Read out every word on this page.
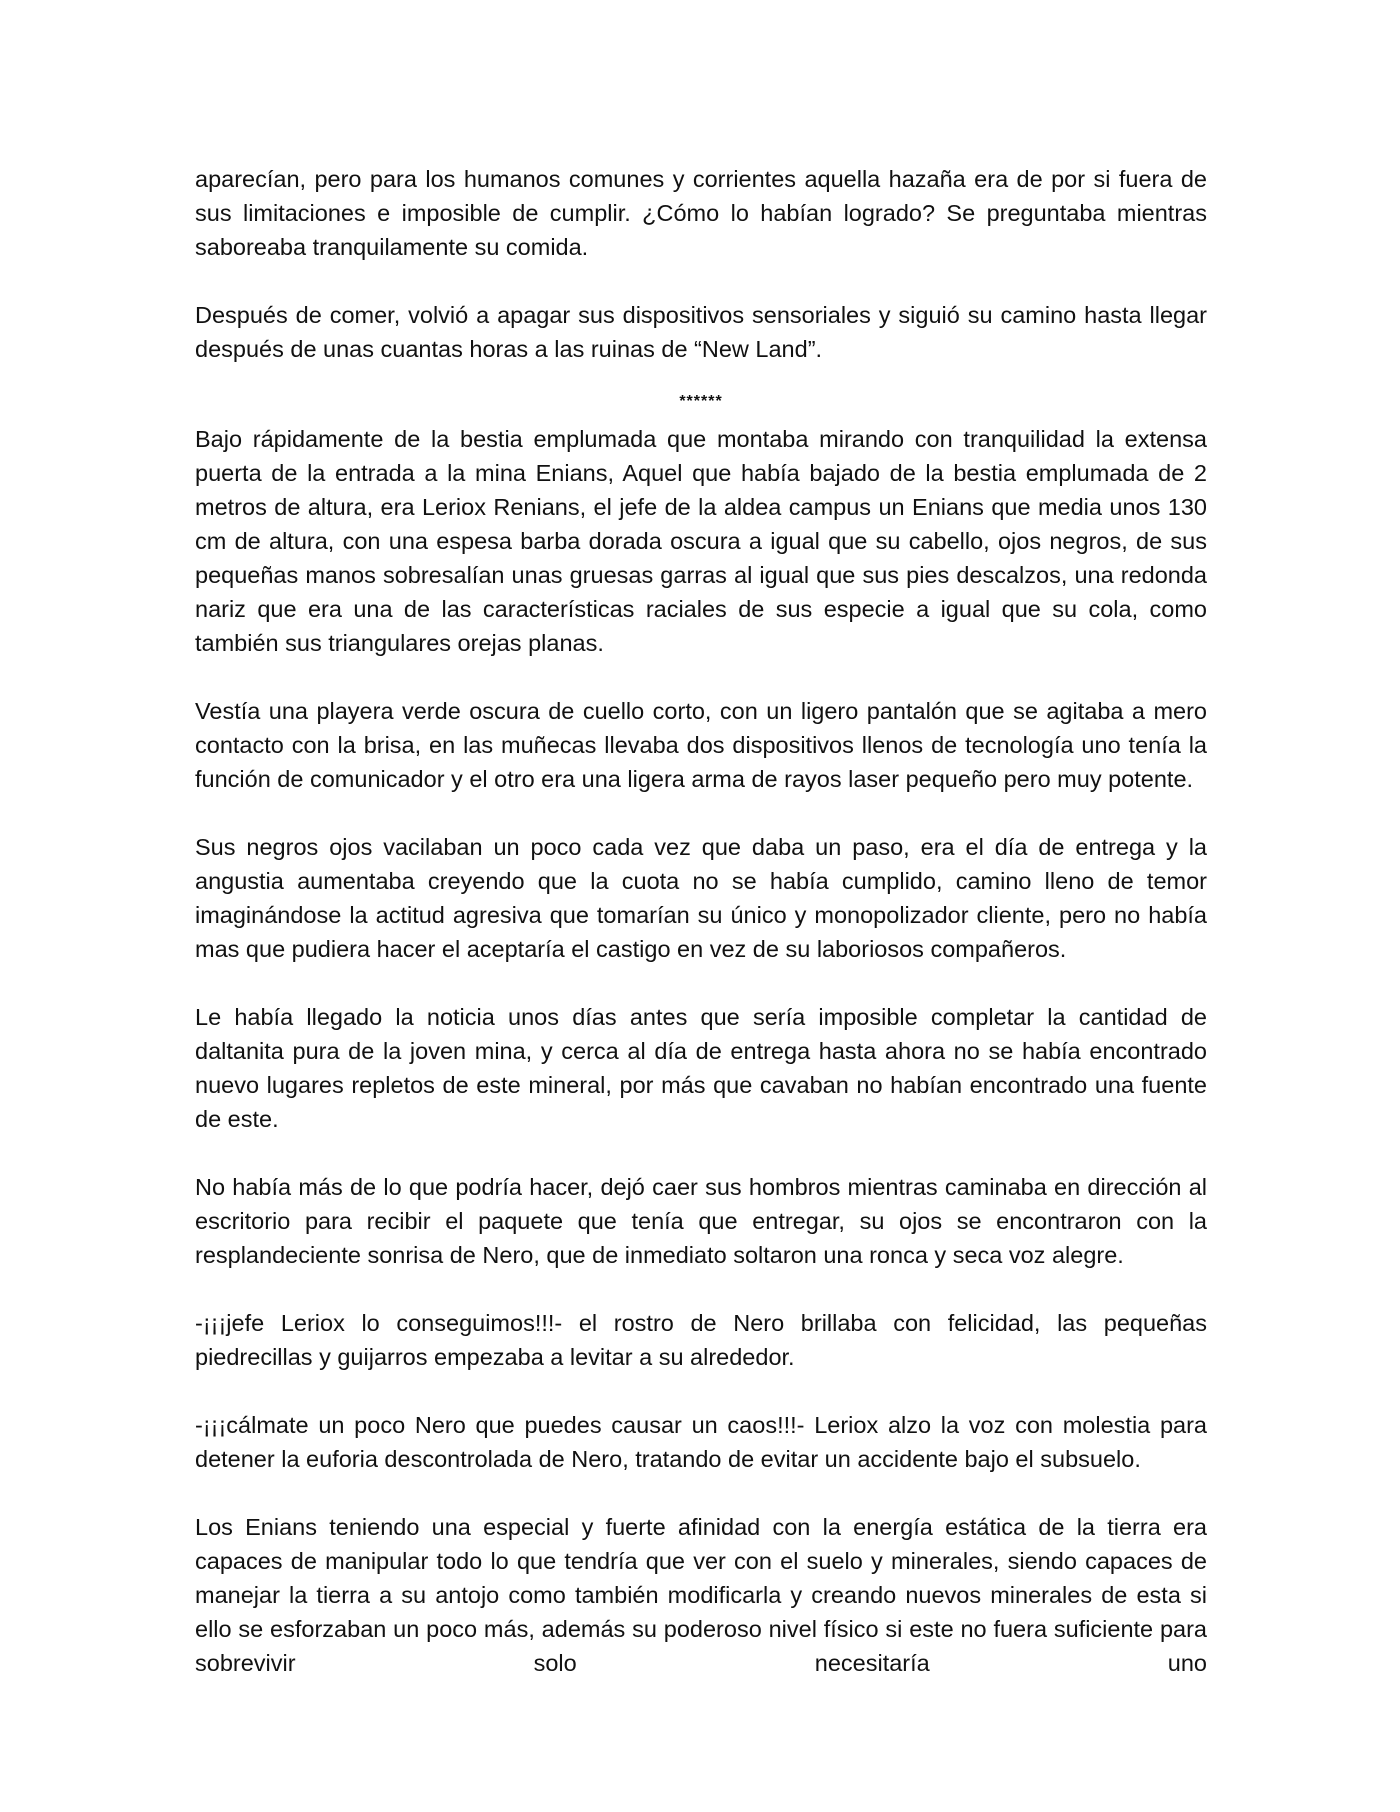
aparecían, pero para los humanos comunes y corrientes aquella hazaña era de por si fuera de sus limitaciones e imposible de cumplir. ¿Cómo lo habían logrado? Se preguntaba mientras saboreaba tranquilamente su comida.

Después de comer, volvió a apagar sus dispositivos sensoriales y siguió su camino hasta llegar después de unas cuantas horas a las ruinas de “New Land”.

******

Bajo rápidamente de la bestia emplumada que montaba mirando con tranquilidad la extensa puerta de la entrada a la mina Enians, Aquel que había bajado de la bestia emplumada de 2 metros de altura, era Leriox Renians, el jefe de la aldea campus un Enians que media unos 130 cm de altura, con una espesa barba dorada oscura a igual que su cabello, ojos negros, de sus pequeñas manos sobresalían unas gruesas garras al igual que sus pies descalzos, una redonda nariz que era una de las características raciales de sus especie a igual que su cola, como también sus triangulares orejas planas.

Vestía una playera verde oscura de cuello corto, con un ligero pantalón que se agitaba a mero contacto con la brisa, en las muñecas llevaba dos dispositivos llenos de tecnología uno tenía la función de comunicador y el otro era una ligera arma de rayos laser pequeño pero muy potente.

Sus negros ojos vacilaban un poco cada vez que daba un paso, era el día de entrega y la angustia aumentaba creyendo que la cuota no se había cumplido, camino lleno de temor imaginándose la actitud agresiva que tomarían su único y monopolizador cliente, pero no había mas que pudiera hacer el aceptaría el castigo en vez de su laboriosos compañeros.

Le había llegado la noticia unos días antes que sería imposible completar la cantidad de daltanita pura de la joven mina, y cerca al día de entrega hasta ahora no se había encontrado nuevo lugares repletos de este mineral, por más que cavaban no habían encontrado una fuente de este.

No había más de lo que podría hacer, dejó caer sus hombros mientras caminaba en dirección al escritorio para recibir el paquete que tenía que entregar, su ojos se encontraron con la resplandeciente sonrisa de Nero, que de inmediato soltaron una ronca y seca voz alegre.

-¡¡¡jefe Leriox lo conseguimos!!!- el rostro de Nero brillaba con felicidad, las pequeñas piedrecillas y guijarros empezaba a levitar a su alrededor.

-¡¡¡cálmate un poco Nero que puedes causar un caos!!!- Leriox alzo la voz con molestia para detener la euforia descontrolada de Nero, tratando de evitar un accidente bajo el subsuelo.

Los Enians teniendo una especial y fuerte afinidad con la energía estática de la tierra era capaces de manipular todo lo que tendría que ver con el suelo y minerales, siendo capaces de manejar la tierra a su antojo como también modificarla y creando nuevos minerales de esta si ello se esforzaban un poco más, además su poderoso nivel físico si este no fuera suficiente para sobrevivir solo necesitaría uno
